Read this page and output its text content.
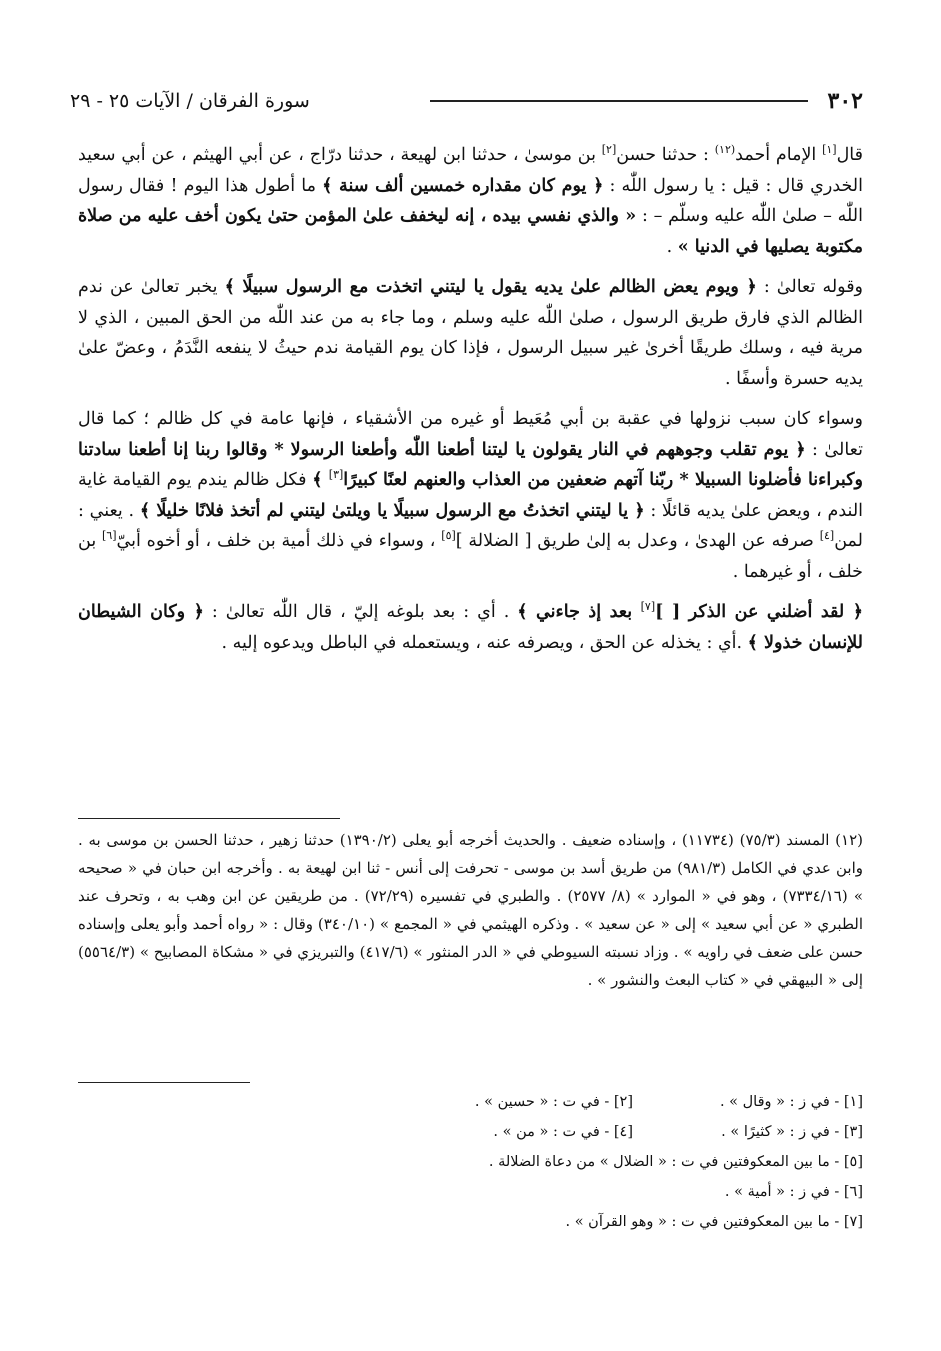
٣٠٢
سورة الفرقان / الآيات ٢٥ - ٢٩

قال[١] الإمام أحمد$^{(١٢)}$ : حدثنا حسن[٢] بن موسىٰ ، حدثنا ابن لهيعة ، حدثنا درّاج ، عن أبي الهيثم ، عن أبي سعيد الخدري قال : قيل : يا رسول اللّٰه : ﴿ يوم كان مقداره خمسين ألف سنة ﴾ ما أطول هذا اليوم ! فقال رسول اللّٰه – صلىٰ اللّٰه عليه وسلّم – : « والذي نفسي بيده ، إنه ليخفف علىٰ المؤمن حتىٰ يكون أخف عليه من صلاة مكتوبة يصليها في الدنيا » .

وقوله تعالىٰ : ﴿ ويوم يعض الظالم علىٰ يديه يقول يا ليتني اتخذت مع الرسول سبيلًا ﴾ يخبر تعالىٰ عن ندم الظالم الذي فارق طريق الرسول ، صلىٰ اللّٰه عليه وسلم ، وما جاء به من عند اللّٰه من الحق المبين ، الذي لا مرية فيه ، وسلك طريقًا أخرىٰ غير سبيل الرسول ، فإذا كان يوم القيامة ندم حيثُ لا ينفعه النَّدَمُ ، وعضّ علىٰ يديه حسرة وأسفًا .

وسواء كان سبب نزولها في عقبة بن أبي مُعَيط أو غيره من الأشقياء ، فإنها عامة في كل ظالم ؛ كما قال تعالىٰ : ﴿ يوم تقلب وجوههم في النار يقولون يا ليتنا أطعنا اللّٰه وأطعنا الرسولا * وقالوا ربنا إنا أطعنا سادتنا وكبراءنا فأضلونا السبيلا * ربّنا آتهم ضعفين من العذاب والعنهم لعنًا كبيرًا[٣] ﴾ فكل ظالم يندم يوم القيامة غاية الندم ، ويعض علىٰ يديه قائلًا : ﴿ يا ليتني اتخذتُ مع الرسول سبيلًا يا ويلتىٰ ليتني لم أتخذ فلانًا خليلًا ﴾ . يعني : لمن[٤] صرفه عن الهدىٰ ، وعدل به إلىٰ طريق [ الضلالة ][٥] ، وسواء في ذلك أمية بن خلف ، أو أخوه أبيّ[٦] بن خلف ، أو غيرهما .

﴿ لقد أضلني عن الذكر [ ][٧] بعد إذ جاءني ﴾ . أي : بعد بلوغه إليّ ، قال اللّٰه تعالىٰ : ﴿ وكان الشيطان للإنسان خذولا ﴾ .أي : يخذله عن الحق ، ويصرفه عنه ، ويستعمله في الباطل ويدعوه إليه .

(١٢) المسند (٧٥/٣) (١١٧٣٤) ، وإسناده ضعيف . والحديث أخرجه أبو يعلى (١٣٩٠/٢) حدثنا زهير ، حدثنا الحسن بن موسى به . وابن عدي في الكامل (٩٨١/٣) من طريق أسد بن موسى - تحرفت إلى أنس - ثنا ابن لهيعة به . وأخرجه ابن حبان في « صحيحه » (٧٣٣٤/١٦) ، وهو في « الموارد » (٨/ ٢٥٧٧) . والطبري في تفسيره (٧٢/٢٩) . من طريقين عن ابن وهب به ، وتحرف عند الطبري « عن أبي سعيد » إلى « عن سعيد » . وذكره الهيثمي في « المجمع » (٣٤٠/١٠) وقال : « رواه أحمد وأبو يعلى وإسناده حسن على ضعف في راويه » . وزاد نسبته السيوطي في « الدر المنثور » (٤١٧/٦) والتبريزي في « مشكاة المصابيح » (٥٥٦٤/٣) إلى « البيهقي في « كتاب البعث والنشور » .
[١] - في ز : « وقال » .
[٢] - في ت : « حسين » .
[٣] - في ز : « كثيرًا » .
[٤] - في ت : « من » .
[٥] - ما بين المعكوفتين في ت : « الضلال » من دعاة الضلالة .
[٦] - في ز : « أمية » .
[٧] - ما بين المعكوفتين في ت : « وهو القرآن » .
